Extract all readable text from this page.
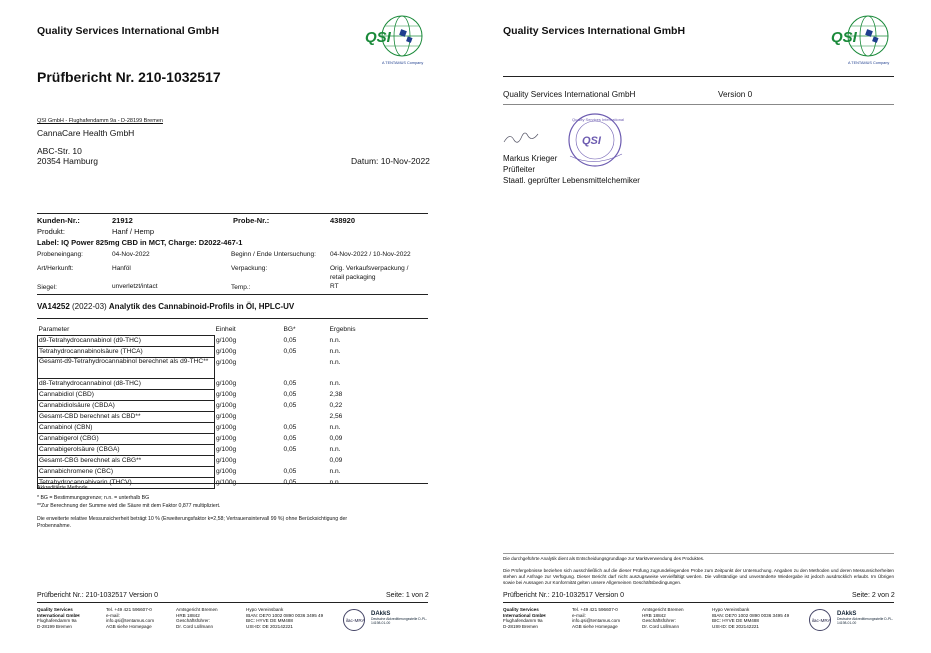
Quality Services International GmbH	QSI
A TENTAMUS Company
Prüfbericht Nr. 210-1032517
QSI GmbH - Flughafendamm 9a - D-28199 Bremen
CannaCare Health GmbH
ABC-Str. 10
20354 Hamburg	Datum: 10-Nov-2022
Kunden-Nr.:	21912	Probe-Nr.:	438920
Produkt:	Hanf / Hemp
Label: IQ Power 825mg CBD in MCT, Charge: D2022-467-1
Probeneingang:	04-Nov-2022	Beginn / Ende Untersuchung: 04-Nov-2022 / 10-Nov-2022
Art/Herkunft:	Hanföl	Verpackung:	Orig. Verkaufsverpackung /
retail packaging
Siegel:	unverletzt/intact	Temp.:	RT
VA14252 (2022-03) Analytik des Cannabinoid-Profils in Öl, HPLC-UV
Parameter	Einheit	BG*	Ergebnis
d9-Tetrahydrocannabinol (d9-THC)	g/100g	0,05	n.n.
Tetrahydrocannabinolsäure (THCA)	g/100g	0,05	n.n.
Gesamt-d9-Tetrahydrocannabinol berechnet als d9-THC**	g/100g		n.n.
d8-Tetrahydrocannabinol (d8-THC)	g/100g	0,05	n.n.
Cannabidiol (CBD)	g/100g	0,05	2,38
Cannabidiolsäure (CBDA)	g/100g	0,05	0,22
Gesamt-CBD berechnet als CBD**	g/100g		2,56
Cannabinol (CBN)	g/100g	0,05	n.n.
Cannabigerol (CBG)	g/100g	0,05	0,09
Cannabigerolsäure (CBGA)	g/100g	0,05	n.n.
Gesamt-CBG berechnet als CBG**	g/100g		0,09
Cannabichromene (CBC)	g/100g	0,05	n.n.
Tetrahydrocannabivarin (THCV)	g/100g	0,05	n.n.
Akkreditierte Methode
* BG = Bestimmungsgrenze; n.n. = unterhalb BG
**Zur Berechnung der Summe wird die Säure mit dem Faktor 0,877 multipliziert.
Die erweiterte relative Messunsicherheit beträgt 10 % (Erweiterungsfaktor k=2,58; Vertrauensintervall 99 %) ohne Berücksichtigung der
Probennahme.
Prüfbericht Nr.: 210-1032517 Version 0	Seite: 1 von 2
Quality Services
International GmbH
Flughafendamm 9a
D-28199 Bremen
Tel. +49 421 596607-0
e-mail:
info.qsi@tentamus.com
AGB siehe Homepage
Amtsgericht Bremen
HRB 18842
Geschäftsführer:
Dr. Cord Lüllmann
Hypo Vereinsbank
IBAN: DE70 1002 0890 0036 3495 49
BIC: HYVE DE MM488
USt-ID: DE 202142221
ilac-MRA
DAkkS
Deutsche Akkreditierungsstelle D-PL-14198-01-00
Quality Services International GmbH	QSI
A TENTAMUS Company
Quality Services International GmbH	Version 0
QSI
Quality Services International
Markus Krieger
Prüfleiter
Staatl. geprüfter Lebensmittelchemiker
Die durchgeführte Analytik dient als Entscheidungsgrundlage zur Marktverwendung des Produktes.
Die Prüfergebnisse beziehen sich ausschließlich auf die dieser Prüfung zugrundeliegenden Probe zum Zeitpunkt der Untersuchung. Angaben zu den Methoden und deren Messunsicherheiten stehen auf Anfrage zur Verfügung. Dieser Bericht darf nicht auszugsweise vervielfältigt werden. Die vollständige und unveränderte Wiedergabe ist jedoch ausdrücklich erlaubt. Im Übrigen sowie bei Aussagen zur Konformität gelten unsere Allgemeinen Geschäftsbedingungen.
Prüfbericht Nr.: 210-1032517 Version 0	Seite: 2 von 2
Quality Services
International GmbH
Flughafendamm 9a
D-28199 Bremen
Tel. +49 421 596607-0
e-mail:
info.qsi@tentamus.com
AGB siehe Homepage
Amtsgericht Bremen
HRB 18842
Geschäftsführer:
Dr. Cord Lüllmann
Hypo Vereinsbank
IBAN: DE70 1002 0890 0036 3495 49
BIC: HYVE DE MM488
USt-ID: DE 202142221
ilac-MRA
DAkkS
Deutsche Akkreditierungsstelle D-PL-14198-01-00
